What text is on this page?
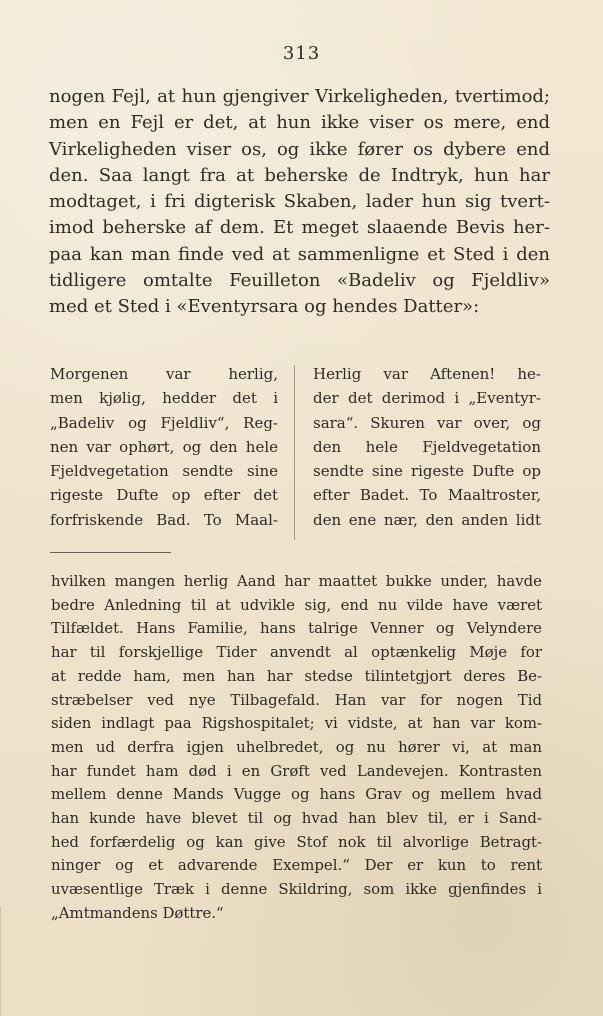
313
nogen Fejl, at hun gjengiver Virkeligheden, tvertimod;
men en Fejl er det, at hun ikke viser os mere, end
Virkeligheden viser os, og ikke fører os dybere end
den. Saa langt fra at beherske de Indtryk, hun har
modtaget, i fri digterisk Skaben, lader hun sig tvert-
imod beherske af dem. Et meget slaaende Bevis her-
paa kan man finde ved at sammenligne et Sted i den
tidligere omtalte Feuilleton «Badeliv og Fjeldliv»
med et Sted i «Eventyrsara og hendes Datter»:
Morgenen var herlig,
men kjølig, hedder det i
„Badeliv og Fjeldliv“, Reg-
nen var ophørt, og den hele
Fjeldvegetation sendte sine
rigeste Dufte op efter det
forfriskende Bad. To Maal-
Herlig var Aftenen! he-
der det derimod i „Eventyr-
sara“. Skuren var over, og
den hele Fjeldvegetation
sendte sine rigeste Dufte op
efter Badet. To Maaltroster,
den ene nær, den anden lidt
hvilken mangen herlig Aand har maattet bukke under, havde
bedre Anledning til at udvikle sig, end nu vilde have været
Tilfældet. Hans Familie, hans talrige Venner og Velyndere
har til forskjellige Tider anvendt al optænkelig Møje for
at redde ham, men han har stedse tilintetgjort deres Be-
stræbelser ved nye Tilbagefald. Han var for nogen Tid
siden indlagt paa Rigshospitalet; vi vidste, at han var kom-
men ud derfra igjen uhelbredet, og nu hører vi, at man
har fundet ham død i en Grøft ved Landevejen. Kontrasten
mellem denne Mands Vugge og hans Grav og mellem hvad
han kunde have blevet til og hvad han blev til, er i Sand-
hed forfærdelig og kan give Stof nok til alvorlige Betragt-
ninger og et advarende Exempel.“ Der er kun to rent
uvæsentlige Træk i denne Skildring, som ikke gjenfindes i
„Amtmandens Døttre.“
